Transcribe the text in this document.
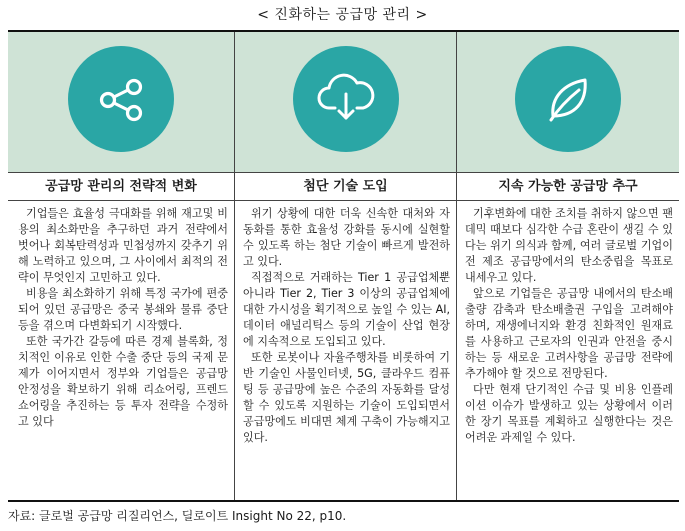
< 진화하는 공급망 관리 >
공급망 관리의 전략적 변화

기업들은 효율성 극대화를 위해 재고및 비용의 최소화만을 추구하던 과거 전략에서 벗어나 회복탄력성과 민첩성까지 갖추기 위해 노력하고 있으며, 그 사이에서 최적의 전략이 무엇인지 고민하고 있다.

비용을 최소화하기 위해 특정 국가에 편중되어 있던 공급망은 중국 봉쇄와 물류 중단 등을 겪으며 다변화되기 시작했다.

또한 국가간 갈등에 따른 경제 블록화, 정치적인 이유로 인한 수출 중단 등의 국제 문제가 이어지면서 정부와 기업들은 공급망 안정성을 확보하기 위해 리쇼어링, 프렌드쇼어링을 추진하는 등 투자 전략을 수정하고 있다

첨단 기술 도입

위기 상황에 대한 더욱 신속한 대처와 자동화를 통한 효율성 강화를 동시에 실현할 수 있도록 하는 첨단 기술이 빠르게 발전하고 있다.

직접적으로 거래하는 Tier 1 공급업체뿐 아니라 Tier 2, Tier 3 이상의 공급업체에 대한 가시성을 획기적으로 높일 수 있는 AI, 데이터 애널리틱스 등의 기술이 산업 현장에 지속적으로 도입되고 있다.

또한 로봇이나 자율주행차를 비롯하여 기반 기술인 사물인터넷, 5G, 클라우드 컴퓨팅 등 공급망에 높은 수준의 자동화를 달성할 수 있도록 지원하는 기술이 도입되면서 공급망에도 비대면 체계 구축이 가능해지고 있다.

지속 가능한 공급망 추구

기후변화에 대한 조치를 취하지 않으면 팬데믹 때보다 심각한 수급 혼란이 생길 수 있다는 위기 의식과 함께, 여러 글로벌 기업이 전 제조 공급망에서의 탄소중립을 목표로 내세우고 있다.

앞으로 기업들은 공급망 내에서의 탄소배출량 감축과 탄소배출권 구입을 고려해야 하며, 재생에너지와 환경 친화적인 원재료를 사용하고 근로자의 인권과 안전을 중시하는 등 새로운 고려사항을 공급망 전략에 추가해야 할 것으로 전망된다.

다만 현재 단기적인 수급 및 비용 인플레이션 이슈가 발생하고 있는 상황에서 이러한 장기 목표를 계획하고 실행한다는 것은 어려운 과제일 수 있다.

자료: 글로벌 공급망 리질리언스, 딜로이트 Insight No 22, p10.
